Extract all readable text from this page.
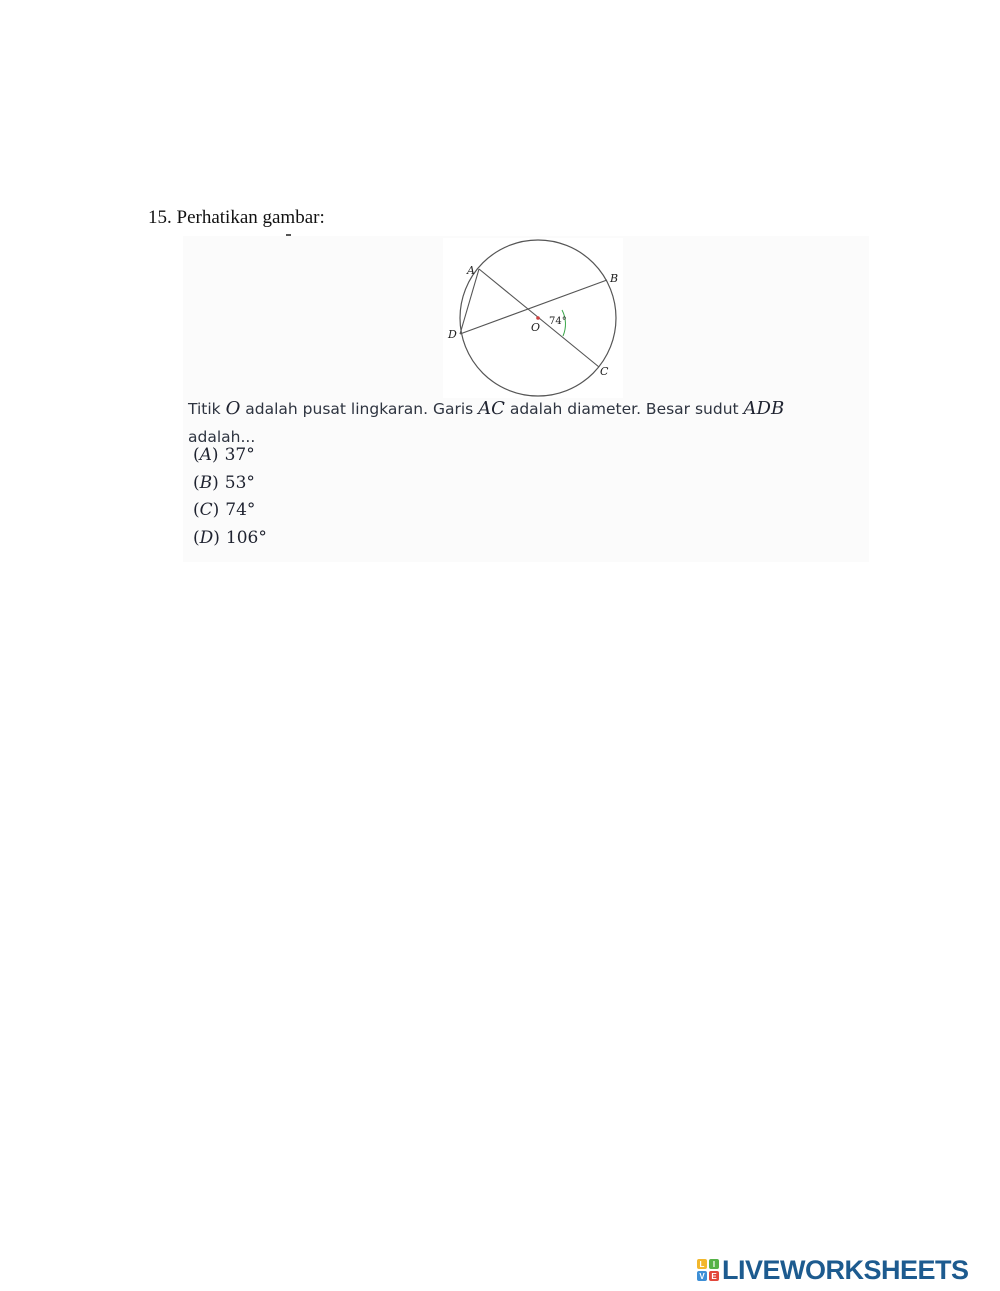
15. Perhatikan gambar:
A
B
C
D
O 74°
Titik O adalah pusat lingkaran. Garis AC adalah diameter. Besar sudut ADB
adalah...
(A) 37°
(B) 53°
(C) 74°
(D) 106°
L	I
V E LIVEWORKSHEETS
